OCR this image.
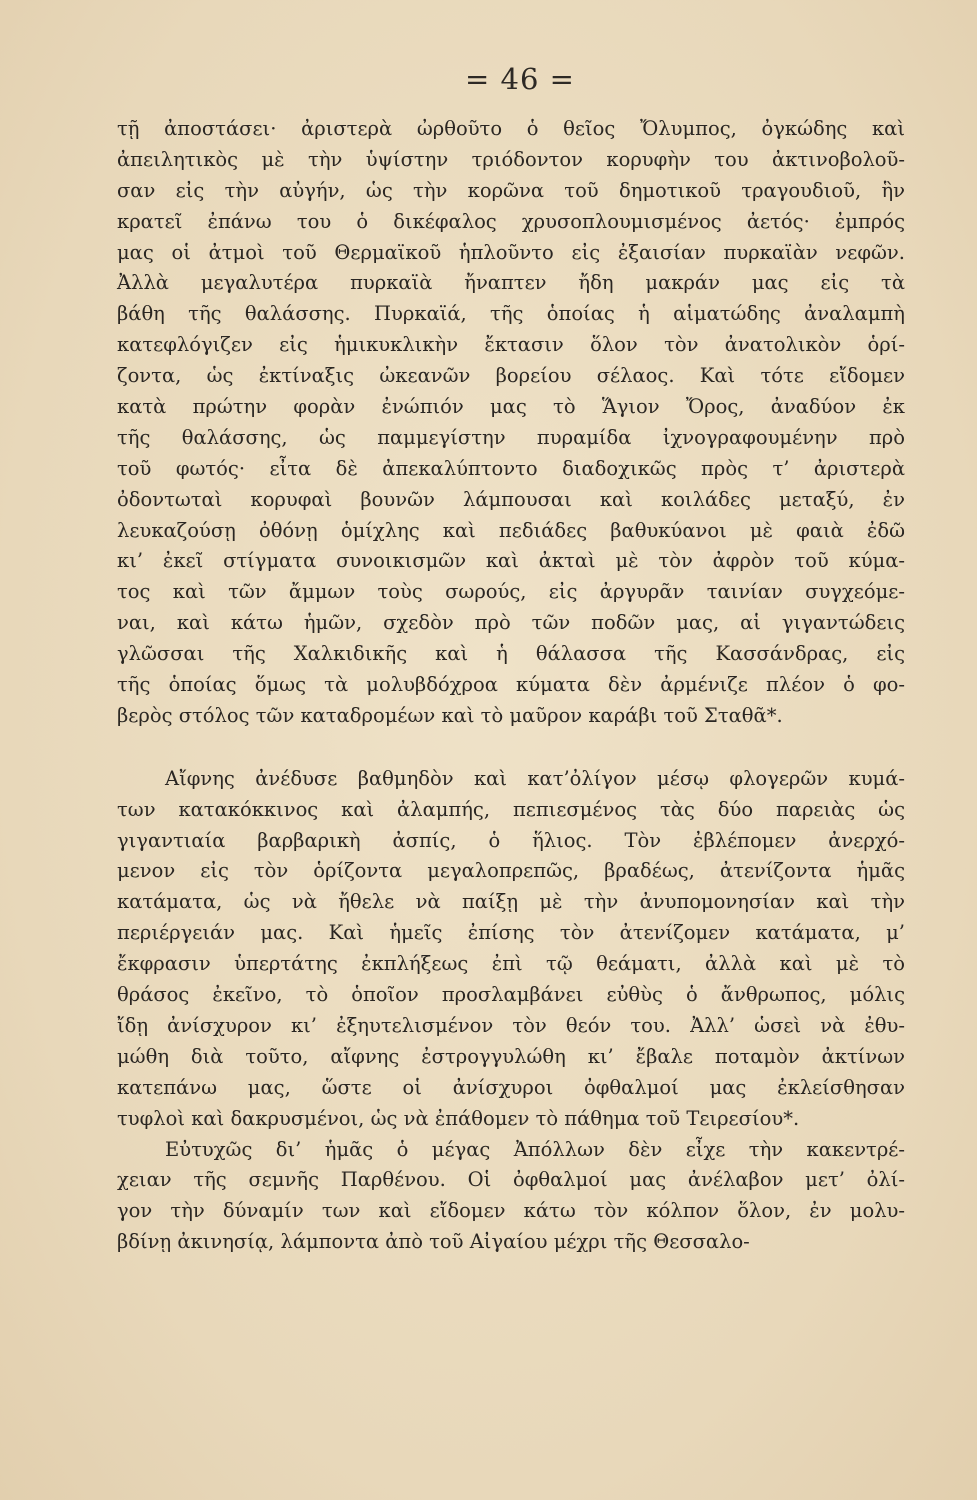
= 46 =

τῇ ἀποστάσει· ἀριστερὰ ὠρθοῦτο ὁ θεῖος Ὄλυμπος, ὀγκώδης καὶ
ἀπειλητικὸς μὲ τὴν ὑψίστην τριόδοντον κορυφὴν του ἀκτινοβολοῦ-
σαν εἰς τὴν αὐγήν, ὡς τὴν κορῶνα τοῦ δημοτικοῦ τραγουδιοῦ, ἣν
κρατεῖ ἐπάνω του ὁ δικέφαλος χρυσοπλουμισμένος ἀετός· ἐμπρός
μας οἱ ἀτμοὶ τοῦ Θερμαϊκοῦ ἡπλοῦντο εἰς ἐξαισίαν πυρκαϊὰν νεφῶν.
Ἀλλὰ μεγαλυτέρα πυρκαϊὰ ἤναπτεν ἤδη μακράν μας εἰς τὰ
βάθη τῆς θαλάσσης. Πυρκαϊά, τῆς ὁποίας ἡ αἱματώδης ἀναλαμπὴ
κατεφλόγιζεν εἰς ἡμικυκλικὴν ἔκτασιν ὅλον τὸν ἀνατολικὸν ὁρί-
ζοντα, ὡς ἐκτίναξις ὠκεανῶν βορείου σέλαος. Καὶ τότε εἴδομεν
κατὰ πρώτην φορὰν ἐνώπιόν μας τὸ Ἅγιον Ὄρος, ἀναδύον ἐκ
τῆς θαλάσσης, ὡς παμμεγίστην πυραμίδα ἰχνογραφουμένην πρὸ
τοῦ φωτός· εἶτα δὲ ἀπεκαλύπτοντο διαδοχικῶς πρὸς τ’ ἀριστερὰ
ὀδοντωταὶ κορυφαὶ βουνῶν λάμπουσαι καὶ κοιλάδες μεταξύ, ἐν
λευκαζούσῃ ὀθόνῃ ὁμίχλης καὶ πεδιάδες βαθυκύανοι μὲ φαιὰ ἐδῶ
κι’ ἐκεῖ στίγματα συνοικισμῶν καὶ ἀκταὶ μὲ τὸν ἀφρὸν τοῦ κύμα-
τος καὶ τῶν ἄμμων τοὺς σωρούς, εἰς ἀργυρᾶν ταινίαν συγχεόμε-
ναι, καὶ κάτω ἡμῶν, σχεδὸν πρὸ τῶν ποδῶν μας, αἱ γιγαντώδεις
γλῶσσαι τῆς Χαλκιδικῆς καὶ ἡ θάλασσα τῆς Κασσάνδρας, εἰς
τῆς ὁποίας ὅμως τὰ μολυβδόχροα κύματα δὲν ἀρμένιζε πλέον ὁ φο-
βερὸς στόλος τῶν καταδρομέων καὶ τὸ μαῦρον καράβι τοῦ Σταθᾶ*.

Αἴφνης ἀνέδυσε βαθμηδὸν καὶ κατ’ὀλίγον μέσῳ φλογερῶν κυμά-
των κατακόκκινος καὶ ἀλαμπής, πεπιεσμένος τὰς δύο παρειὰς ὡς
γιγαντιαία βαρβαρικὴ ἀσπίς, ὁ ἥλιος. Τὸν ἐβλέπομεν ἀνερχό-
μενον εἰς τὸν ὁρίζοντα μεγαλοπρεπῶς, βραδέως, ἀτενίζοντα ἡμᾶς
κατάματα, ὡς νὰ ἤθελε νὰ παίξῃ μὲ τὴν ἀνυπομονησίαν καὶ τὴν
περιέργειάν μας. Καὶ ἡμεῖς ἐπίσης τὸν ἀτενίζομεν κατάματα, μ’
ἔκφρασιν ὑπερτάτης ἐκπλήξεως ἐπὶ τῷ θεάματι, ἀλλὰ καὶ μὲ τὸ
θράσος ἐκεῖνο, τὸ ὁποῖον προσλαμβάνει εὐθὺς ὁ ἄνθρωπος, μόλις
ἴδῃ ἀνίσχυρον κι’ ἐξηυτελισμένον τὸν θεόν του. Ἀλλ’ ὡσεὶ νὰ ἐθυ-
μώθη διὰ τοῦτο, αἴφνης ἐστρογγυλώθη κι’ ἔβαλε ποταμὸν ἀκτίνων
κατεπάνω μας, ὥστε οἱ ἀνίσχυροι ὀφθαλμοί μας ἐκλείσθησαν
τυφλοὶ καὶ δακρυσμένοι, ὡς νὰ ἐπάθομεν τὸ πάθημα τοῦ Τειρεσίου*.

Εὐτυχῶς δι’ ἡμᾶς ὁ μέγας Ἀπόλλων δὲν εἶχε τὴν κακεντρέ-
χειαν τῆς σεμνῆς Παρθένου. Οἱ ὀφθαλμοί μας ἀνέλαβον μετ’ ὀλί-
γον τὴν δύναμίν των καὶ εἴδομεν κάτω τὸν κόλπον ὅλον, ἐν μολυ-
βδίνῃ ἀκινησίᾳ, λάμποντα ἀπὸ τοῦ Αἰγαίου μέχρι τῆς Θεσσαλο-
